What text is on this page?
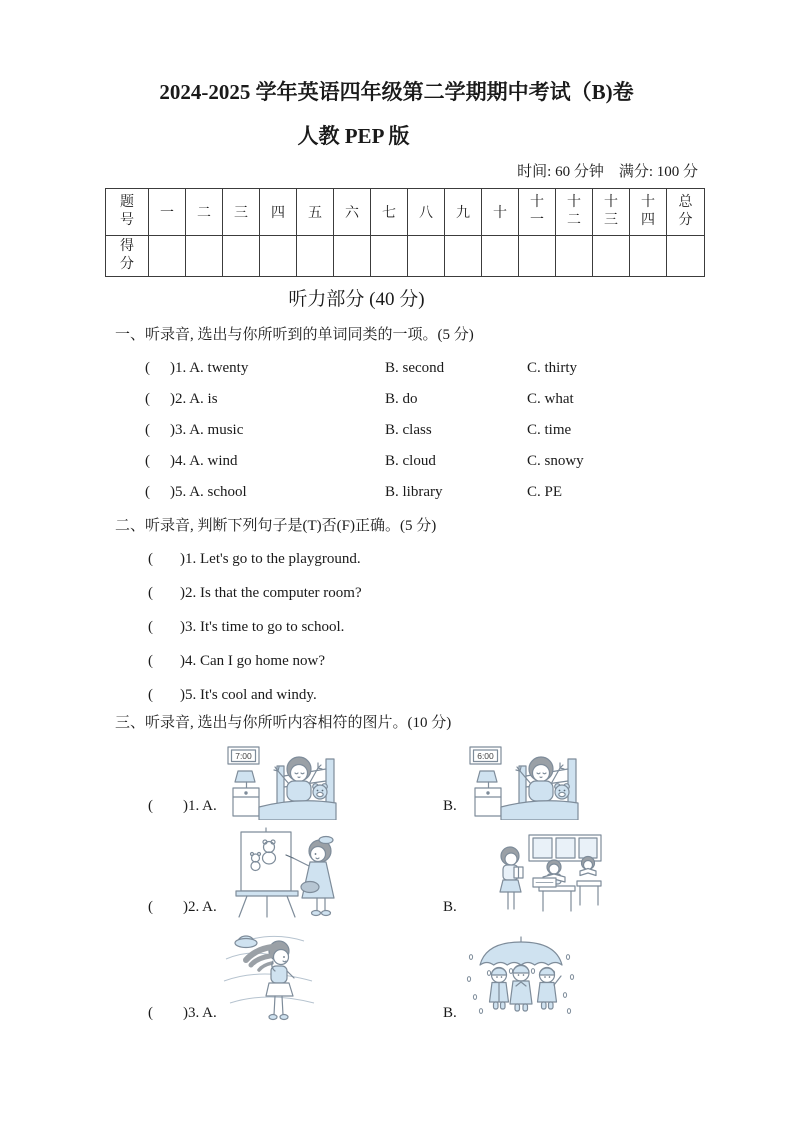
2024-2025 学年英语四年级第二学期期中考试（B)卷
人教 PEP 版
时间: 60 分钟　满分: 100 分
题号	一	二	三	四	五	六	七	八	九	十	十一	十二	十三	十四	总分
得分															
听力部分 (40 分)
一、听录音, 选出与你所听到的单词同类的一项。(5 分)
(	)1. A. twenty	B. second	C. thirty
(	)2. A. is	B. do	C. what
(	)3. A. music	B. class	C. time
(	)4. A. wind	B. cloud	C. snowy
(	)5. A. school	B. library	C. PE
二、听录音, 判断下列句子是(T)否(F)正确。(5 分)
(	)1. Let's go to the playground.
(	)2. Is that the computer room?
(	)3. It's time to go to school.
(	)4. Can I go home now?
(	)5. It's cool and windy.
三、听录音, 选出与你所听内容相符的图片。(10 分)
(        )1. A.
7:00
B.
6:00
(        )2. A.	B.
(        )3. A.	B.
